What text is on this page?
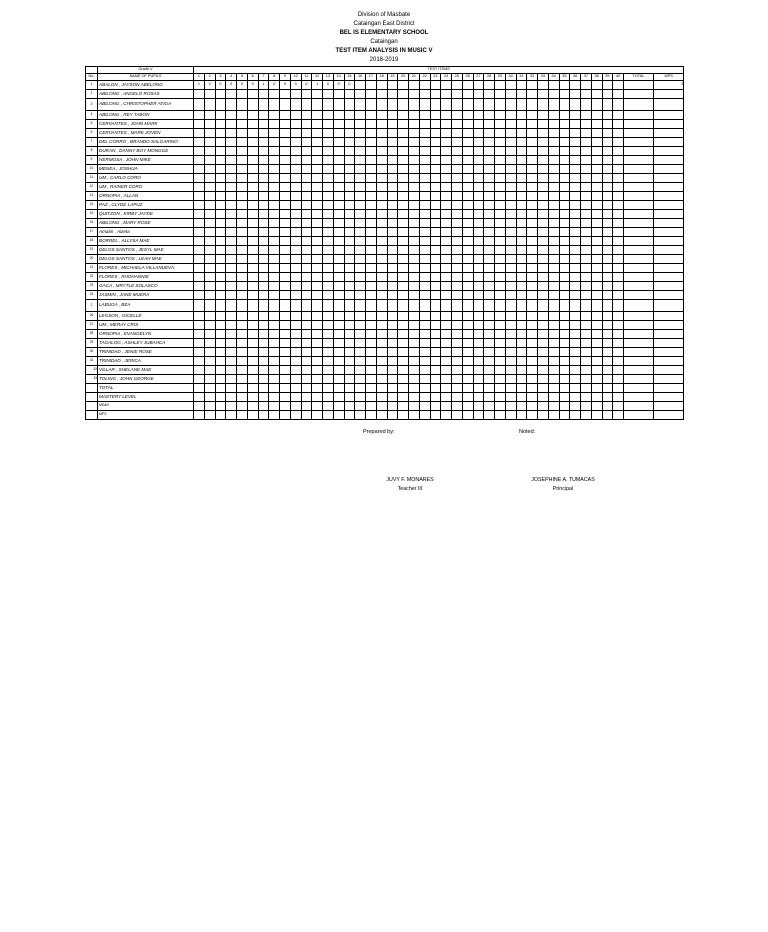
Division of Masbate
Cataingan East District
BEL IS ELEMENTARY SCHOOL
Cataingan
TEST ITEM ANALYSIS IN MUSIC V
2018-2019
	Grade V	TEST ITEMS																																									
No.	NAME OF PUPILS	1	2	3	4	5	6	7	8	9	10	11	12	13	14	15	16	17	18	19	20	21	22	23	24	25	26	27	28	29	30	31	32	33	34	35	36	37	38	39	40	TOTAL	MPS
1	ABALON , JAYSON ABELONG	1	0	0	0	0	0	1	0	0	0	0	1	0	0	0																											3
2	ABILONG , ANGELO ROSAS																																										
3	ABILONG , CHRISTOPHER ATIGA																																										
4	ABILONG , REY TABON																																										
5	CERVANTES , JOHN MARK																																										
6	CERVANTES , MARK JOVEN																																										
7	DEL CORRO , BRANDO SALGARINO																																										
8	DURAN , DANNY BOY MONGGE																																										
9	HERMOSA , JOHN MIKE																																										
10	MENEA , JOSHUA																																										
11	UM , CARLO CORO																																										
12	UM , RAINER CORO																																										
13	ORNOPIA , ALLAN																																										
14	PAZ , CLYDE LAPUZ																																										
15	QUITZON , KIRBY JAYDE																																										
16	ABILONG , MARY ROSE																																										
17	Amatin , Aizeta																																										
18	BORREL , ALLYSA MAE																																										
19	DELOS SANTOS , JESYL MAE																																										
20	DELOS SANTOS , LEAH MAE																																										
21	FLORES , MICHAELA VILLANUEVA																																										
22	FLORES , RHOHANNIE																																										
23	GACA , MRYTLE SOLASCO																																										
24	JASMIN , JANE MUERA																																										
2	LABUGA , BEA																																										
26	LEGSON , GICELLE																																										
27	UM , MERAY CRIS																																										
28	ORNOPIA , EVANGELYN																																										
29	TAGALOG , ASHLEY JUBAHCA																																										
30	TRINIDAD , JENIE ROSE																																										
31	TRINIDAD , JERICA																																										
32	VILLAR , SHELANE MAE																																										
33	TOLING , JOHN GEORGE																																										
	TOTAL																																										
	MASTERY LEVEL																																										
	MEAN																																										
	MPS																																										
Prepared by:	Noted:
JUVY F. MONARES
Teacher III
JOSEPHINE A. TUMACAS
Principal
